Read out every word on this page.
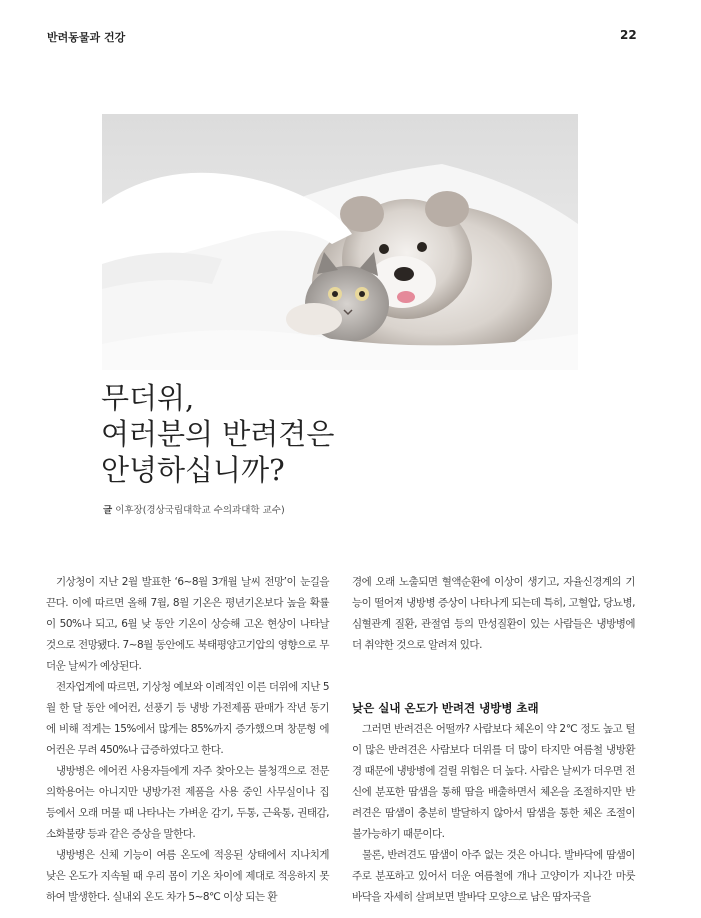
반려동물과 건강	22
무더위,
여러분의 반려견은
안녕하십니까?
글 이후장(경상국립대학교 수의과대학 교수)

기상청이 지난 2월 발표한 ‘6~8월 3개월 날씨 전망’이 눈길을 끈다. 이에 따르면 올해 7월, 8월 기온은 평년기온보다 높을 확률이 50%나 되고, 6월 낮 동안 기온이 상승해 고온 현상이 나타날 것으로 전망됐다. 7~8월 동안에도 북태평양고기압의 영향으로 무더운 날씨가 예상된다.

전자업계에 따르면, 기상청 예보와 이례적인 이른 더위에 지난 5월 한 달 동안 에어컨, 선풍기 등 냉방 가전제품 판매가 작년 동기에 비해 적게는 15%에서 많게는 85%까지 증가했으며 창문형 에어컨은 무려 450%나 급증하였다고 한다.

냉방병은 에어컨 사용자들에게 자주 찾아오는 불청객으로 전문 의학용어는 아니지만 냉방가전 제품을 사용 중인 사무실이나 집 등에서 오래 머물 때 나타나는 가벼운 감기, 두통, 근육통, 권태감, 소화불량 등과 같은 증상을 말한다.

냉방병은 신체 기능이 여름 온도에 적응된 상태에서 지나치게 낮은 온도가 지속될 때 우리 몸이 기온 차이에 제대로 적응하지 못하여 발생한다. 실내외 온도 차가 5~8℃ 이상 되는 환

경에 오래 노출되면 혈액순환에 이상이 생기고, 자율신경계의 기능이 떨어져 냉방병 증상이 나타나게 되는데 특히, 고혈압, 당뇨병, 심혈관계 질환, 관절염 등의 만성질환이 있는 사람들은 냉방병에 더 취약한 것으로 알려져 있다.

낮은 실내 온도가 반려견 냉방병 초래

그러면 반려견은 어떨까? 사람보다 체온이 약 2℃ 정도 높고 털이 많은 반려견은 사람보다 더위를 더 많이 타지만 여름철 냉방환경 때문에 냉방병에 걸릴 위험은 더 높다. 사람은 날씨가 더우면 전신에 분포한 땀샘을 통해 땀을 배출하면서 체온을 조절하지만 반려견은 땀샘이 충분히 발달하지 않아서 땀샘을 통한 체온 조절이 불가능하기 때문이다.

물론, 반려견도 땀샘이 아주 없는 것은 아니다. 발바닥에 땀샘이 주로 분포하고 있어서 더운 여름철에 개나 고양이가 지나간 마룻바닥을 자세히 살펴보면 발바닥 모양으로 남은 땀자국을
